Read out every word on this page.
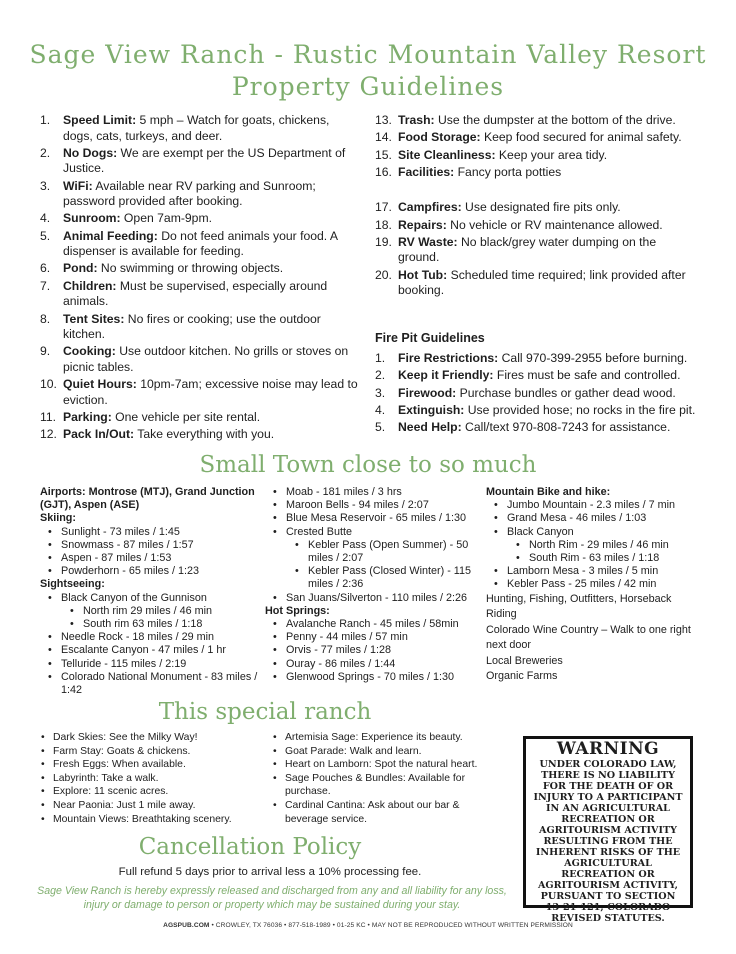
Sage View Ranch - Rustic Mountain Valley Resort
Property Guidelines
1. Speed Limit: 5 mph – Watch for goats, chickens, dogs, cats, turkeys, and deer.
2. No Dogs: We are exempt per the US Department of Justice.
3. WiFi: Available near RV parking and Sunroom; password provided after booking.
4. Sunroom: Open 7am-9pm.
5. Animal Feeding: Do not feed animals your food. A dispenser is available for feeding.
6. Pond: No swimming or throwing objects.
7. Children: Must be supervised, especially around animals.
8. Tent Sites: No fires or cooking; use the outdoor kitchen.
9. Cooking: Use outdoor kitchen. No grills or stoves on picnic tables.
10. Quiet Hours: 10pm-7am; excessive noise may lead to eviction.
11. Parking: One vehicle per site rental.
12. Pack In/Out: Take everything with you.
13. Trash: Use the dumpster at the bottom of the drive.
14. Food Storage: Keep food secured for animal safety.
15. Site Cleanliness: Keep your area tidy.
16. Facilities: Fancy porta potties
17. Campfires: Use designated fire pits only.
18. Repairs: No vehicle or RV maintenance allowed.
19. RV Waste: No black/grey water dumping on the ground.
20. Hot Tub: Scheduled time required; link provided after booking.
Fire Pit Guidelines
1. Fire Restrictions: Call 970-399-2955 before burning.
2. Keep it Friendly: Fires must be safe and controlled.
3. Firewood: Purchase bundles or gather dead wood.
4. Extinguish: Use provided hose; no rocks in the fire pit.
5. Need Help: Call/text 970-808-7243 for assistance.
Small Town close to so much
Airports: Montrose (MTJ), Grand Junction (GJT), Aspen (ASE)
Skiing:
• Sunlight - 73 miles / 1:45
• Snowmass - 87 miles / 1:57
• Aspen - 87 miles / 1:53
• Powderhorn - 65 miles / 1:23
Sightseeing:
• Black Canyon of the Gunnison
• North rim 29 miles / 46 min
• South rim 63 miles / 1:18
• Needle Rock - 18 miles / 29 min
• Escalante Canyon - 47 miles / 1 hr
• Telluride - 115 miles / 2:19
• Colorado National Monument - 83 miles / 1:42
• Moab - 181 miles / 3 hrs
• Maroon Bells - 94 miles / 2:07
• Blue Mesa Reservoir - 65 miles / 1:30
• Crested Butte
• Kebler Pass (Open Summer) - 50 miles / 2:07
• Kebler Pass (Closed Winter) - 115 miles / 2:36
• San Juans/Silverton - 110 miles / 2:26
Hot Springs:
• Avalanche Ranch - 45 miles / 58min
• Penny - 44 miles / 57 min
• Orvis - 77 miles / 1:28
• Ouray - 86 miles / 1:44
• Glenwood Springs - 70 miles / 1:30
Mountain Bike and hike:
• Jumbo Mountain - 2.3 miles / 7 min
• Grand Mesa - 46 miles / 1:03
• Black Canyon
• North Rim - 29 miles / 46 min
• South Rim - 63 miles / 1:18
• Lamborn Mesa - 3 miles / 5 min
• Kebler Pass - 25 miles / 42 min
Hunting, Fishing, Outfitters, Horseback Riding
Colorado Wine Country – Walk to one right next door
Local Breweries
Organic Farms
This special ranch
• Dark Skies: See the Milky Way!
• Farm Stay: Goats & chickens.
• Fresh Eggs: When available.
• Labyrinth: Take a walk.
• Explore: 11 scenic acres.
• Near Paonia: Just 1 mile away.
• Mountain Views: Breathtaking scenery.
• Artemisia Sage: Experience its beauty.
• Goat Parade: Walk and learn.
• Heart on Lamborn: Spot the natural heart.
• Sage Pouches & Bundles: Available for purchase.
• Cardinal Cantina: Ask about our bar & beverage service.
WARNING
UNDER COLORADO LAW, THERE IS NO LIABILITY FOR THE DEATH OF OR INJURY TO A PARTICIPANT IN AN AGRICULTURAL RECREATION OR AGRITOURISM ACTIVITY RESULTING FROM THE INHERENT RISKS OF THE AGRICULTURAL RECREATION OR AGRITOURISM ACTIVITY, PURSUANT TO SECTION 13-21-121, COLORADO REVISED STATUTES.
Cancellation Policy
Full refund 5 days prior to arrival less a 10% processing fee.
Sage View Ranch is hereby expressly released and discharged from any and all liability for any loss, injury or damage to person or property which may be sustained during your stay.
AGSPUB.COM • CROWLEY, TX 76036 • 877-518-1989 • 01-25 KC • MAY NOT BE REPRODUCED WITHOUT WRITTEN PERMISSION
